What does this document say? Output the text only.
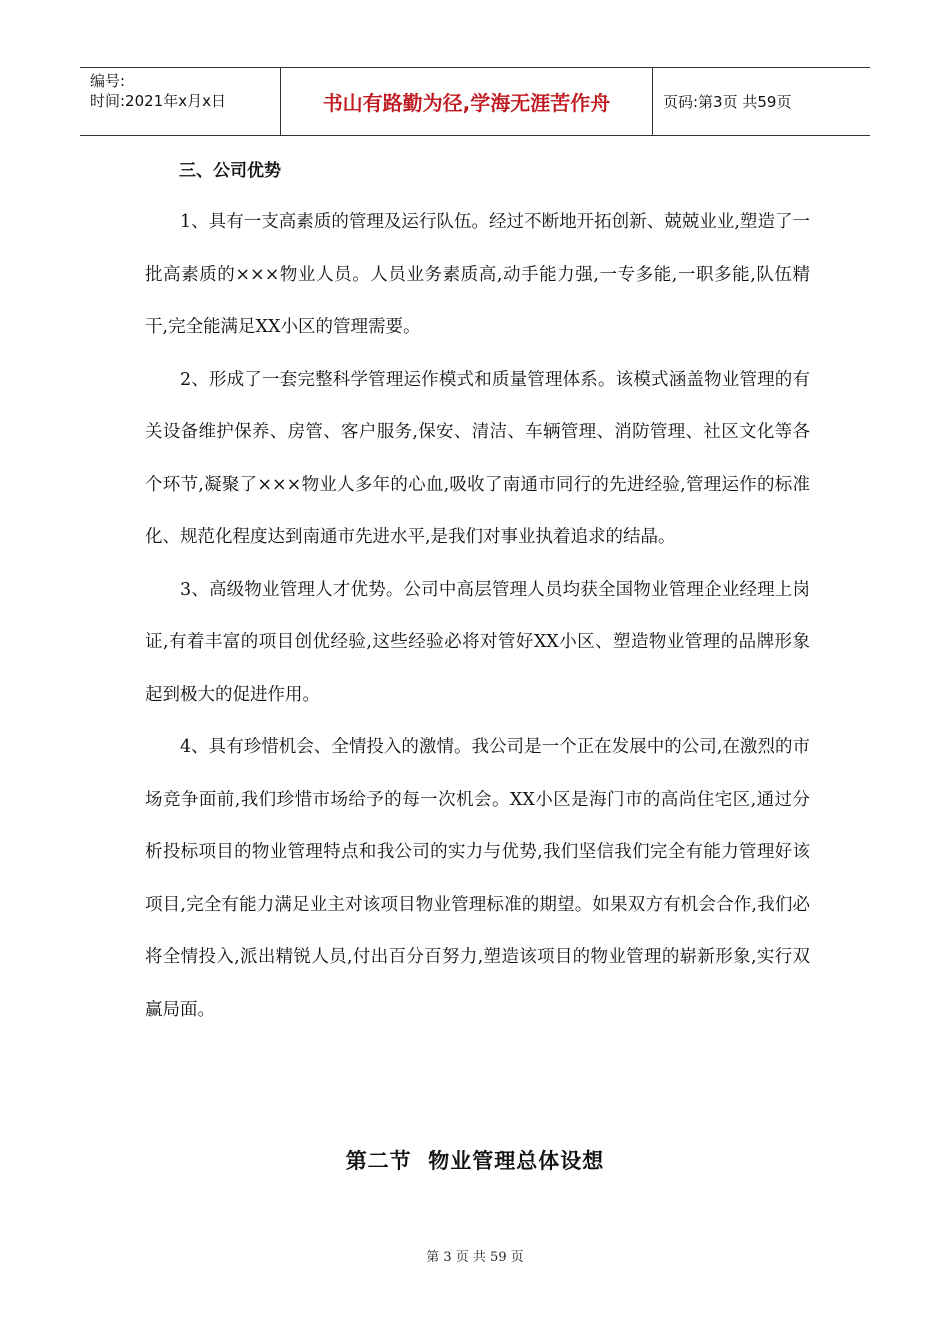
编号:
时间:2021年x月x日	书山有路勤为径,学海无涯苦作舟	页码:第3页 共59页
三、公司优势

1、具有一支高素质的管理及运行队伍。经过不断地开拓创新、兢兢业业,塑造了一批高素质的×××物业人员。人员业务素质高,动手能力强,一专多能,一职多能,队伍精干,完全能满足XX小区的管理需要。

2、形成了一套完整科学管理运作模式和质量管理体系。该模式涵盖物业管理的有关设备维护保养、房管、客户服务,保安、清洁、车辆管理、消防管理、社区文化等各个环节,凝聚了×××物业人多年的心血,吸收了南通市同行的先进经验,管理运作的标准化、规范化程度达到南通市先进水平,是我们对事业执着追求的结晶。

3、高级物业管理人才优势。公司中高层管理人员均获全国物业管理企业经理上岗证,有着丰富的项目创优经验,这些经验必将对管好XX小区、塑造物业管理的品牌形象起到极大的促进作用。

4、具有珍惜机会、全情投入的激情。我公司是一个正在发展中的公司,在激烈的市场竞争面前,我们珍惜市场给予的每一次机会。XX小区是海门市的高尚住宅区,通过分析投标项目的物业管理特点和我公司的实力与优势,我们坚信我们完全有能力管理好该项目,完全有能力满足业主对该项目物业管理标准的期望。如果双方有机会合作,我们必将全情投入,派出精锐人员,付出百分百努力,塑造该项目的物业管理的崭新形象,实行双赢局面。

第二节  物业管理总体设想
第 3 页 共 59 页
